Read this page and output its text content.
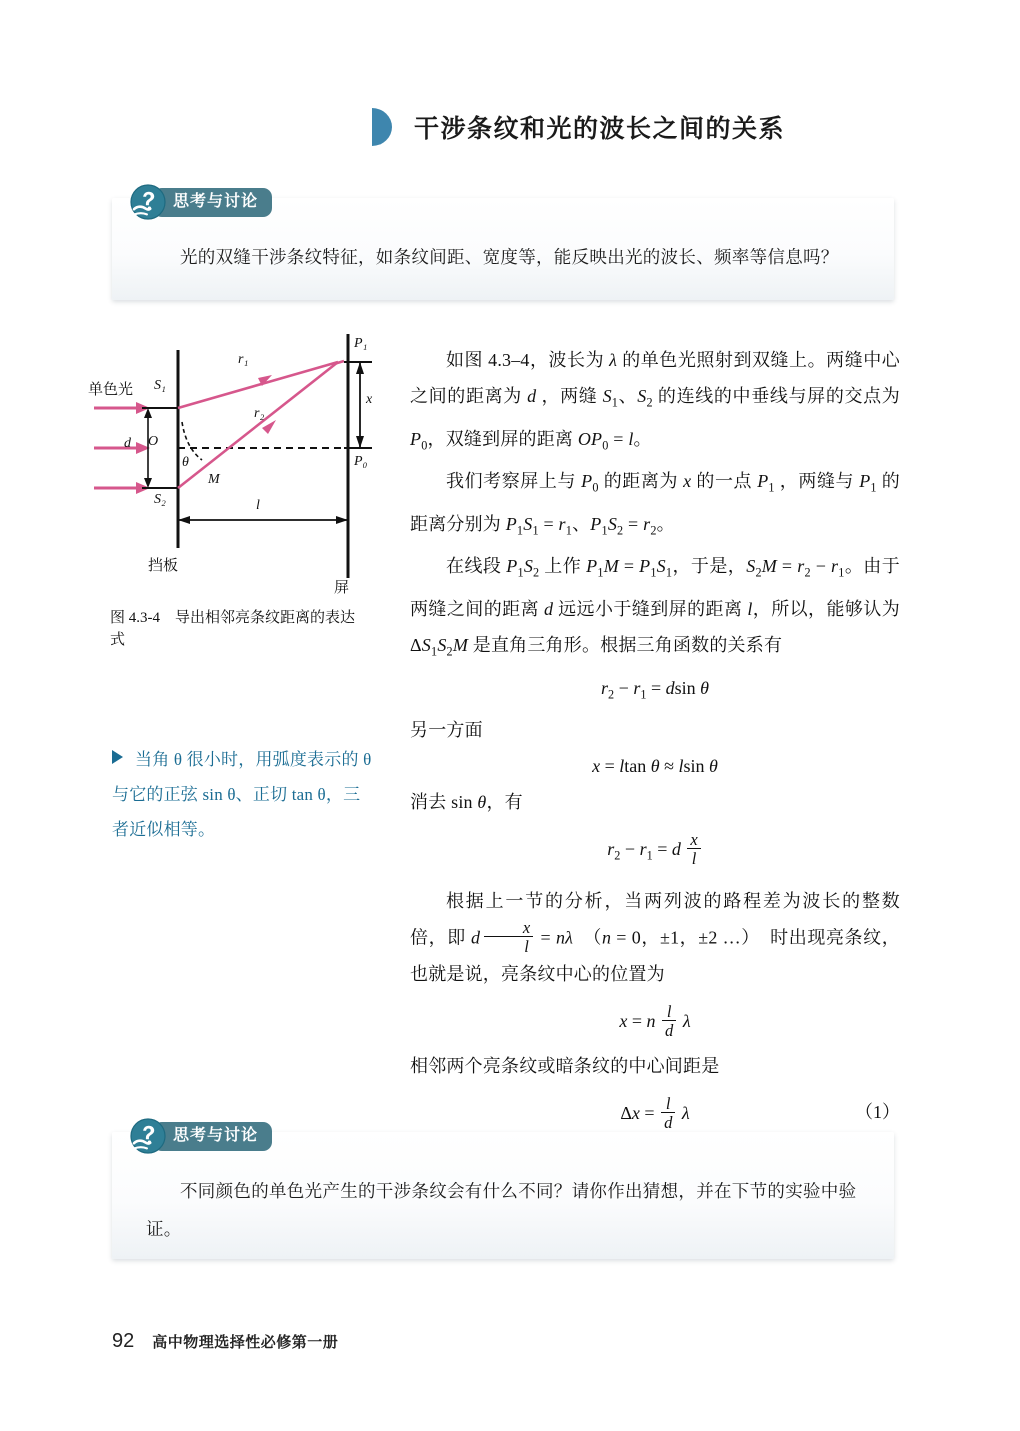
干涉条纹和光的波长之间的关系
思考与讨论
光的双缝干涉条纹特征，如条纹间距、宽度等，能反映出光的波长、频率等信息吗？
单色光 S₁
S₂
d O
θ
M
r₁
r₂
l
x
P₁
P₀
挡板
屏
图 4.3-4 导出相邻亮条纹距离的表达式
当角 θ 很小时，用弧度表示的 θ 与它的正弦 sin θ、正切 tan θ，三者近似相等。

如图 4.3–4，波长为 λ 的单色光照射到双缝上。两缝中心之间的距离为 d ，两缝 $S_1$、$S_2$ 的连线的中垂线与屏的交点为 $P_0$，双缝到屏的距离 $OP_0 = l$。

我们考察屏上与 $P_0$ 的距离为 x 的一点 $P_1$ ，两缝与 $P_1$ 的距离分别为 $P_1S_1 = r_1$、$P_1S_2 = r_2$。

在线段 $P_1S_2$ 上作 $P_1M = P_1S_1$，于是，$S_2M = r_2 - r_1$。由于两缝之间的距离 d 远远小于缝到屏的距离 l，所以，能够认为 $\Delta S_1S_2M$ 是直角三角形。根据三角函数的关系有

$r_2 - r_1 = dsin$ θ

另一方面

x = ltan θ ≈ lsin θ

消去 sin θ，有

$r_2 - r_1 = d \frac{x}{l}$

根据上一节的分析，当两列波的路程差为波长的整数倍，即 d  $\frac{x}{l} = n\lambda$  （n = 0，±1，±2 …）  时出现亮条纹，也就是说，亮条纹中心的位置为

x = n $\frac{l}{d}$ λ

相邻两个亮条纹或暗条纹的中心间距是

$\Delta x = \frac{l}{d}$ λ	（1）

思考与讨论
不同颜色的单色光产生的干涉条纹会有什么不同？请你作出猜想，并在下节的实验中验证。
92 高中物理选择性必修第一册
